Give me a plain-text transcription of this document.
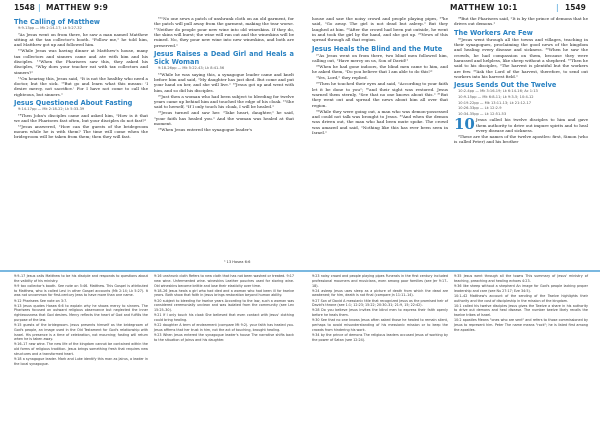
1548 | MATTHEW 9:9	MATTHEW 10:1	| 1549
The Calling of Matthew

9:9-13pp — Mk 2:14-17; Lk 5:27-32

⁹As Jesus went on from there, he saw a man named Matthew sitting at the tax collector's booth. "Follow me," he told him, and Matthew got up and followed him.

¹⁰While Jesus was having dinner at Matthew's house, many tax collectors and sinners came and ate with him and his disciples. ¹¹When the Pharisees saw this, they asked his disciples, "Why does your teacher eat with tax collectors and sinners?"

¹²On hearing this, Jesus said, "It is not the healthy who need a doctor, but the sick. ¹³But go and learn what this means: 'I desire mercy, not sacrifice.' For I have not come to call the righteous, but sinners."

Jesus Questioned About Fasting

9:14-17pp — Mk 2:18-22; Lk 5:33-39

¹⁴Then John's disciples came and asked him, "How is it that we and the Pharisees fast often, but your disciples do not fast?"

¹⁵Jesus answered, "How can the guests of the bridegroom mourn while he is with them? The time will come when the bridegroom will be taken from them; then they will fast.

¹⁶"No one sews a patch of unshrunk cloth on an old garment, for the patch will pull away from the garment, making the tear worse. ¹⁷Neither do people pour new wine into old wineskins. If they do, the skins will burst; the wine will run out and the wineskins will be ruined. No, they pour new wine into new wineskins, and both are preserved."

Jesus Raises a Dead Girl and Heals a Sick Woman

9:18-26pp — Mk 5:22-43; Lk 8:41-56

¹⁸While he was saying this, a synagogue leader came and knelt before him and said, "My daughter has just died. But come and put your hand on her, and she will live." ¹⁹Jesus got up and went with him, and so did his disciples.

²⁰Just then a woman who had been subject to bleeding for twelve years came up behind him and touched the edge of his cloak. ²¹She said to herself, "If I only touch his cloak, I will be healed."

²²Jesus turned and saw her. "Take heart, daughter," he said, "your faith has healed you." And the woman was healed at that moment.

²³When Jesus entered the synagogue leader's

ᵃ 13 Hosea 6:6

house and saw the noisy crowd and people playing pipes, ²⁴he said, "Go away. The girl is not dead but asleep." But they laughed at him. ²⁵After the crowd had been put outside, he went in and took the girl by the hand, and she got up. ²⁶News of this spread through all that region.

Jesus Heals the Blind and the Mute

²⁷As Jesus went on from there, two blind men followed him, calling out, "Have mercy on us, Son of David!"

²⁸When he had gone indoors, the blind men came to him, and he asked them, "Do you believe that I am able to do this?"

"Yes, Lord," they replied.

²⁹Then he touched their eyes and said, "According to your faith let it be done to you"; ³⁰and their sight was restored. Jesus warned them sternly, "See that no one knows about this." ³¹But they went out and spread the news about him all over that region.

³²While they were going out, a man who was demon-possessed and could not talk was brought to Jesus. ³³And when the demon was driven out, the man who had been mute spoke. The crowd was amazed and said, "Nothing like this has ever been seen in Israel."

³⁴But the Pharisees said, "It is by the prince of demons that he drives out demons."

The Workers Are Few

³⁵Jesus went through all the towns and villages, teaching in their synagogues, proclaiming the good news of the kingdom and healing every disease and sickness. ³⁶When he saw the crowds, he had compassion on them, because they were harassed and helpless, like sheep without a shepherd. ³⁷Then he said to his disciples, "The harvest is plentiful but the workers are few. ³⁸Ask the Lord of the harvest, therefore, to send out workers into his harvest field."

Jesus Sends Out the Twelve

10:2-4pp — Mk 3:16-19; Lk 6:14-16; Ac 1:13

10:9-15pp — Mk 6:8-11; Lk 9:3-5; 10:4-12

10:19-22pp — Mk 13:11-13; Lk 21:12-17

10:26-33pp — Lk 12:2-9

10:34-35pp — Lk 12:51-53

10 Jesus called his twelve disciples to him and gave them authority to drive out impure spirits and to heal every disease and sickness.

²These are the names of the twelve apostles: first, Simon (who is called Peter) and his brother

9:9–17 Jesus calls Matthew to be his disciple and responds to questions about the validity of his ministry.

9:9 tax collector's booth. See note on 5:46. Matthew. This Gospel is attributed to Matthew, who is called Levi in other Gospel accounts (Mk 2:14; Lk 5:27). It was not uncommon for first-century Jews to have more than one name.

9:12 Pharisees See note on 3:7.

9:13 Jesus quotes Hosea 6:6 to explain why he shows mercy to sinners. The Pharisees focused on outward religious observance but neglected the inner righteousness that God desires. Mercy reflects the heart of God and fulfills the purpose of the law.

9:15 guests of the bridegroom. Jesus presents himself as the bridegroom of God's people, an image used in the Old Testament for God's relationship with Israel. His presence is a time of celebration, not mourning; fasting will return when he is taken away.

9:16–17 new wine. The new life of the kingdom cannot be contained within the old forms of religious tradition. Jesus brings something fresh that requires new structures and a transformed heart.

9:18 a synagogue leader. Mark and Luke identify this man as Jairus, a leader in the local synagogue.

9:16 unshrunk cloth Refers to new cloth that has not been washed or treated. 9:17 new wine. Unfermented wine. wineskins Leather pouches used for storing wine. Old wineskins become brittle and lose their elasticity over time.

9:18–26 Jesus heals a girl who had died and a woman who had been ill for twelve years. Both show that faith in Jesus brings restoration beyond human ability.

9:20 subject to bleeding for twelve years According to the law, such a woman was considered ceremonially unclean and was isolated from the community (see Lev 15:25–30).

9:21 If I only touch his cloak She believed that even contact with Jesus' clothing could bring healing.

9:22 daughter A term of endearment (compare Mt 9:2). your faith has healed you. Jesus affirms that her trust in him, not the act of touching, brought healing.

9:23 When Jesus entered the synagogue leader's house The narrative shifts back to the situation of Jairus and his daughter.

9:23 noisy crowd and people playing pipes Funerals in the first century included professional mourners and musicians, even among poor families (see Jer 9:17–18).

9:24 asleep Jesus uses sleep as a picture of death from which the dead are awakened; for him, death is not final (compare Jn 11:11–14).

9:27 Son of David A messianic title that recognized Jesus as the promised heir of David's throne (see 1:1; 12:23; 15:22; 20:30–31; 21:9, 15; 22:42).

9:28 Do you believe Jesus invites the blind men to express their faith openly before he heals them.

9:30 See that no one knows Jesus often asked those he healed to remain silent, perhaps to avoid misunderstanding of his messianic mission or to keep the crowds from hindering his work.

9:34 by the prince of demons The religious leaders accused Jesus of working by the power of Satan (see 12:24).

9:35 Jesus went through all the towns This summary of Jesus' ministry of teaching, preaching and healing echoes 4:23.

9:36 like sheep without a shepherd An image for God's people lacking proper leadership and care (see Nu 27:17; Eze 34:5).

10:1–42 Matthew's account of the sending of the Twelve highlights their authority and the cost of discipleship in the mission of the kingdom.

10:1 called his twelve disciples Jesus gives the Twelve a share in his authority to drive out demons and heal disease. The number twelve likely recalls the twelve tribes of Israel.

10:2 apostles Means "ones who are sent" and refers to those commissioned by Jesus to represent him. Peter The name means "rock"; he is listed first among the apostles.
